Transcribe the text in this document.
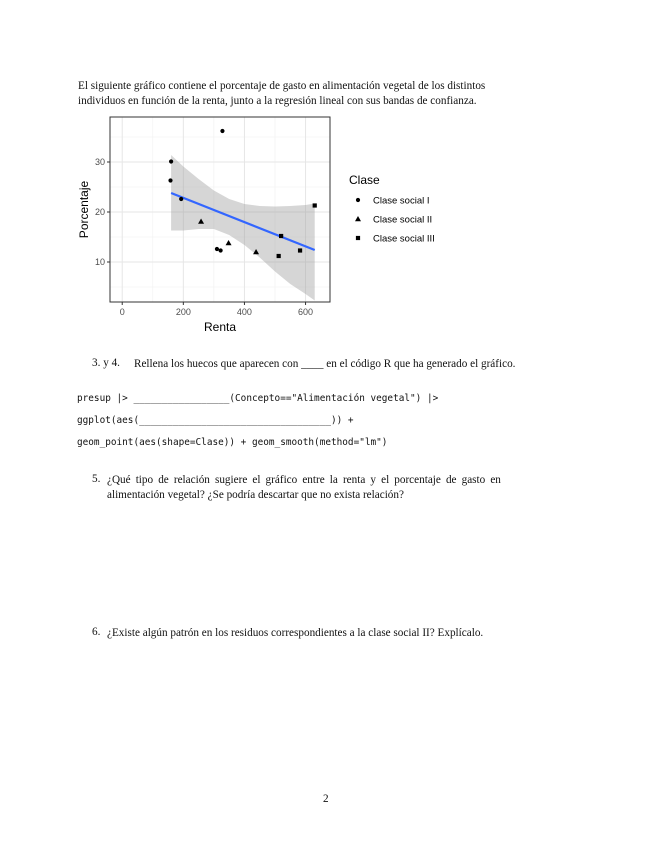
El siguiente gráfico contiene el porcentaje de gasto en alimentación vegetal de los distintos
individuos en función de la renta, junto a la regresión lineal con sus bandas de confianza.
0	200	400	600
10
20
30
Renta
Porcentaje
Clase
Clase social I
Clase social II
Clase social III
3. y 4. Rellena los huecos que aparecen con ____ en el código R que ha generado el gráfico.
presup |> _________________(Concepto=="Alimentación vegetal") |>
ggplot(aes(__________________________________)) +
geom_point(aes(shape=Clase)) + geom_smooth(method="lm")
5. ¿Qué tipo de relación sugiere el gráfico entre la renta y el porcentaje de gasto en
alimentación vegetal? ¿Se podría descartar que no exista relación?
6. ¿Existe algún patrón en los residuos correspondientes a la clase social II? Explícalo.
2
